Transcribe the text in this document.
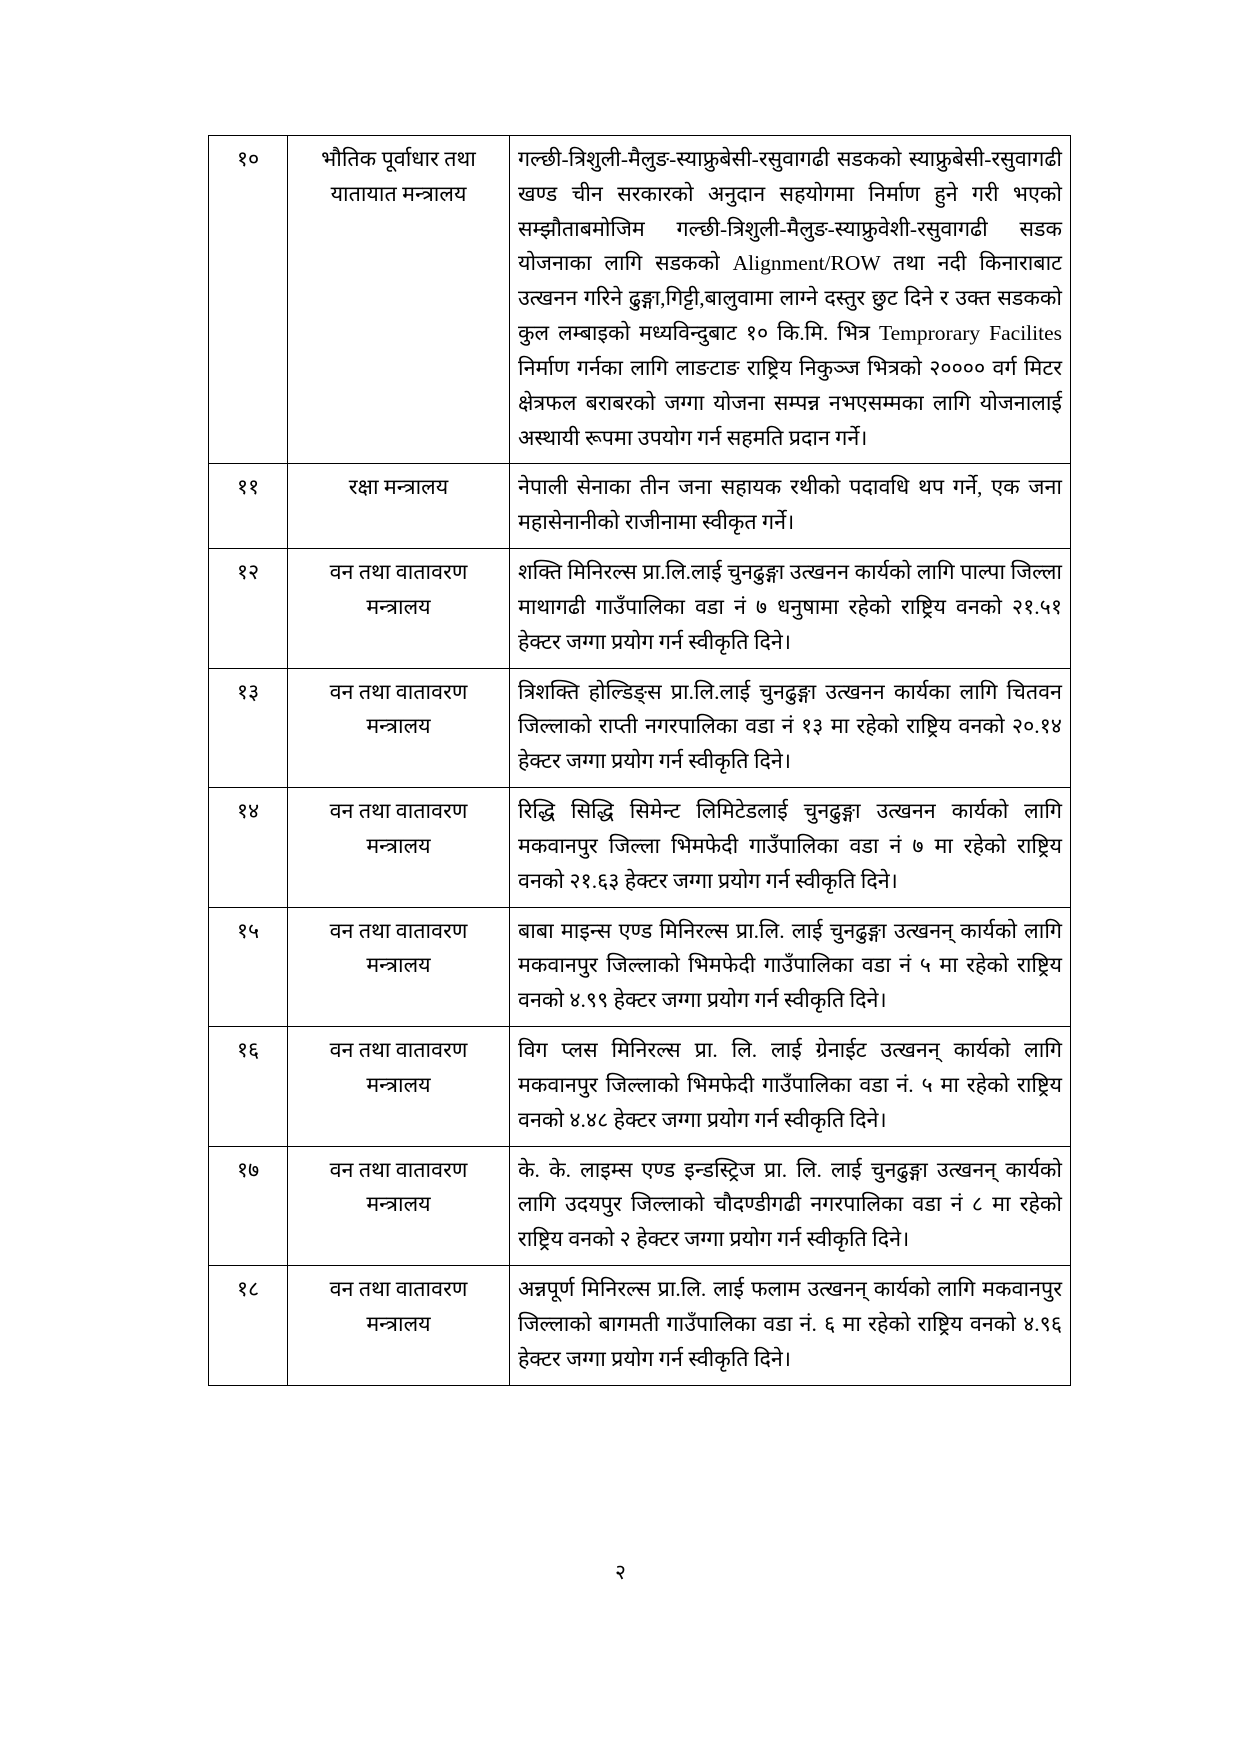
१०	भौतिक पूर्वाधार तथा यातायात मन्त्रालय	गल्छी-त्रिशुली-मैलुङ-स्याफ्रुबेसी-रसुवागढी सडकको स्याफ्रुबेसी-रसुवागढी खण्ड चीन सरकारको अनुदान सहयोगमा निर्माण हुने गरी भएको सम्झौताबमोजिम गल्छी-त्रिशुली-मैलुङ-स्याफ्रुवेशी-रसुवागढी सडक योजनाका लागि सडकको Alignment/ROW तथा नदी किनाराबाट उत्खनन गरिने ढुङ्गा,गिट्टी,बालुवामा लाग्ने दस्तुर छुट दिने र उक्त सडकको कुल लम्बाइको मध्यविन्दुबाट १० कि.मि. भित्र Temprorary Facilites निर्माण गर्नका लागि लाङटाङ राष्ट्रिय निकुञ्ज भित्रको २०००० वर्ग मिटर क्षेत्रफल बराबरको जग्गा योजना सम्पन्न नभएसम्मका लागि योजनालाई अस्थायी रूपमा उपयोग गर्न सहमति प्रदान गर्ने।
११	रक्षा मन्त्रालय	नेपाली सेनाका तीन जना सहायक रथीको पदावधि थप गर्ने, एक जना महासेनानीको राजीनामा स्वीकृत गर्ने।
१२	वन तथा वातावरण मन्त्रालय	शक्ति मिनिरल्स प्रा.लि.लाई चुनढुङ्गा उत्खनन कार्यको लागि पाल्पा जिल्ला माथागढी गाउँपालिका वडा नं ७ धनुषामा रहेको राष्ट्रिय वनको २१.५१ हेक्टर जग्गा प्रयोग गर्न स्वीकृति दिने।
१३	वन तथा वातावरण मन्त्रालय	त्रिशक्ति होल्डिङ्स प्रा.लि.लाई चुनढुङ्गा उत्खनन कार्यका लागि चितवन जिल्लाको राप्ती नगरपालिका वडा नं १३ मा रहेको राष्ट्रिय वनको २०.१४ हेक्टर जग्गा प्रयोग गर्न स्वीकृति दिने।
१४	वन तथा वातावरण मन्त्रालय	रिद्धि सिद्धि सिमेन्ट लिमिटेडलाई चुनढुङ्गा उत्खनन कार्यको लागि मकवानपुर जिल्ला भिमफेदी गाउँपालिका वडा नं ७ मा रहेको राष्ट्रिय वनको २१.६३ हेक्टर जग्गा प्रयोग गर्न स्वीकृति दिने।
१५	वन तथा वातावरण मन्त्रालय	बाबा माइन्स एण्ड मिनिरल्स प्रा.लि. लाई चुनढुङ्गा उत्खनन् कार्यको लागि मकवानपुर जिल्लाको भिमफेदी गाउँपालिका वडा नं ५ मा रहेको राष्ट्रिय वनको ४.९९ हेक्टर जग्गा प्रयोग गर्न स्वीकृति दिने।
१६	वन तथा वातावरण मन्त्रालय	विग प्लस मिनिरल्स प्रा. लि. लाई ग्रेनाईट उत्खनन् कार्यको लागि मकवानपुर जिल्लाको भिमफेदी गाउँपालिका वडा नं. ५ मा रहेको राष्ट्रिय वनको ४.४८ हेक्टर जग्गा प्रयोग गर्न स्वीकृति दिने।
१७	वन तथा वातावरण मन्त्रालय	के. के. लाइम्स एण्ड इन्डस्ट्रिज प्रा. लि. लाई चुनढुङ्गा उत्खनन् कार्यको लागि उदयपुर जिल्लाको चौदण्डीगढी नगरपालिका वडा नं ८ मा रहेको राष्ट्रिय वनको २ हेक्टर जग्गा प्रयोग गर्न स्वीकृति दिने।
१८	वन तथा वातावरण मन्त्रालय	अन्नपूर्ण मिनिरल्स प्रा.लि. लाई फलाम उत्खनन् कार्यको लागि मकवानपुर जिल्लाको बागमती गाउँपालिका वडा नं. ६ मा रहेको राष्ट्रिय वनको ४.९६ हेक्टर जग्गा प्रयोग गर्न स्वीकृति दिने।
२
